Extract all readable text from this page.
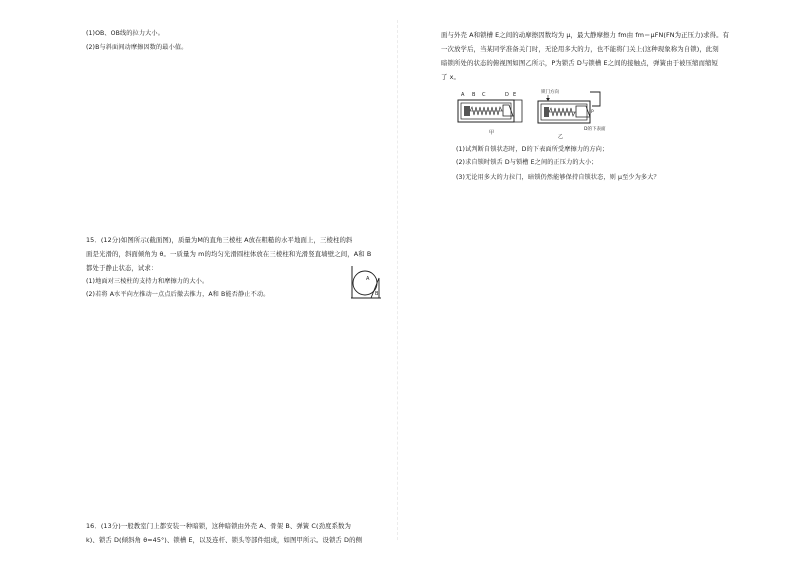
(1)OB、OB线的拉力大小。
(2)B与斜面间动摩擦因数的最小值。
15．(12分)如图所示(截面图)，质量为M的直角三棱柱 A放在粗糙的水平地面上，三棱柱的斜
面是光滑的，斜面倾角为 θ。一质量为 m的均匀光滑圆柱体放在三棱柱和光滑竖直墙壁之间，A和 B
都处于静止状态，试求：
(1)地面对三棱柱的支持力和摩擦力的大小。
(2)若将 A水平向左推动一点点后撤去推力，A和 B能否静止不动。
A
B
16．(13分)一般教室门上都安装一种暗锁，这种暗锁由外壳 A、骨架 B、弹簧 C(劲度系数为
k)、锁舌 D(倾斜角 θ=45°)、锁槽 E，以及连杆、锁头等部件组成，如图甲所示。设锁舌 D的侧
面与外壳 A和锁槽 E之间的动摩擦因数均为 μ，最大静摩擦力 fm由 fm＝μFN(FN为正压力)求得。有
一次放学后，当某同学准备关门时，无论用多大的力，也不能将门关上(这种现象称为自锁)，此刻
暗锁所处的状态的俯视图如图乙所示，P为锁舌 D与锁槽 E之间的接触点，弹簧由于被压缩而缩短
了 x。
A B C	D E
甲
锁门方向
P
D的下表面
乙
(1)试判断自锁状态时，D的下表面所受摩擦力的方向；
(2)求自锁时锁舌 D与锁槽 E之间的正压力的大小；
(3)无论用多大的力拉门，暗锁仍然能够保持自锁状态，则 μ至少为多大？
